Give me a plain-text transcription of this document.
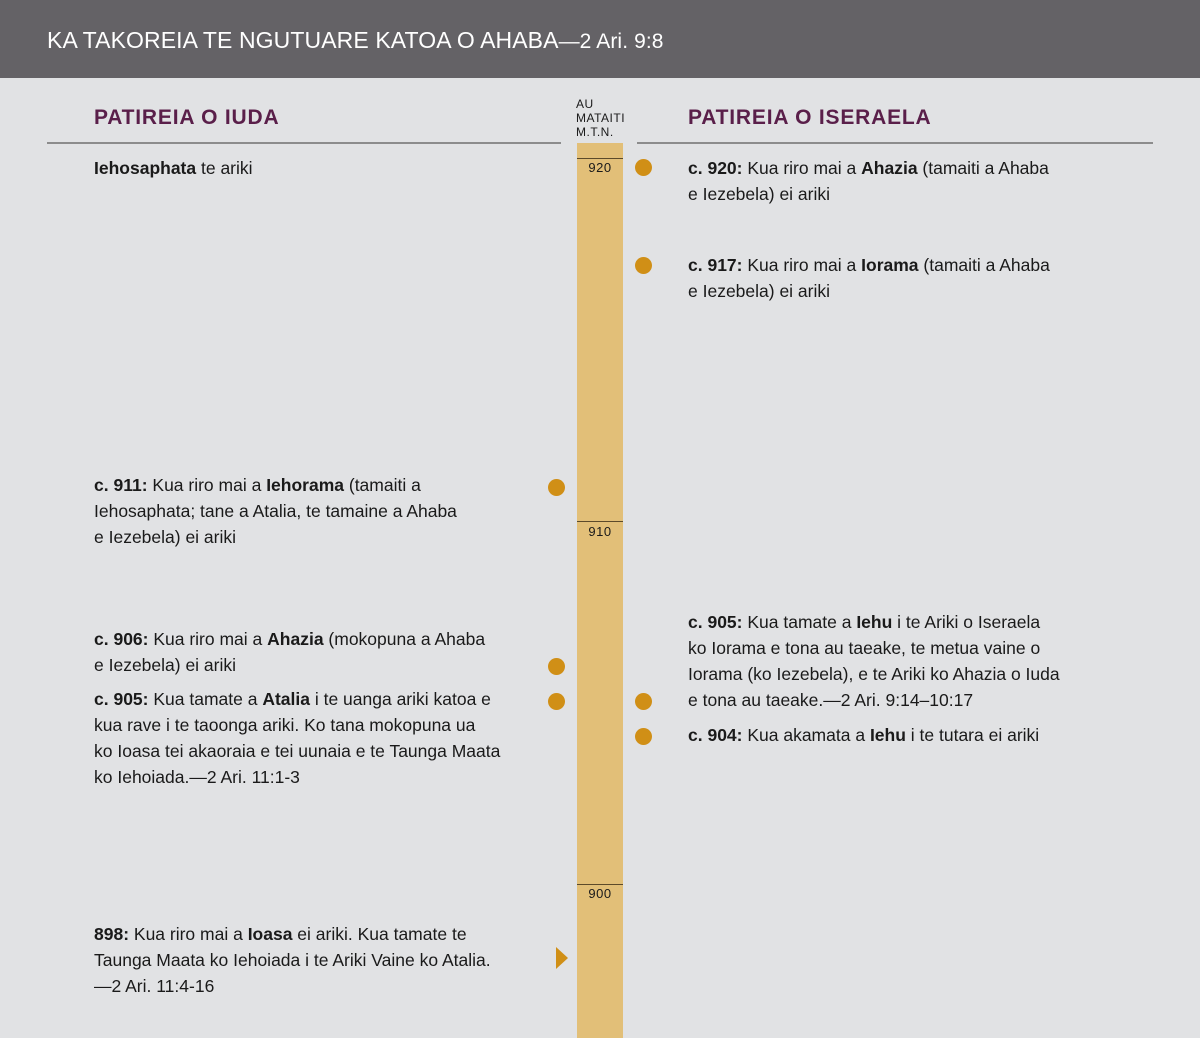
KA TAKOREIA TE NGUTUARE KATOA O AHABA—2 Ari. 9:8
PATIREIA O IUDA	PATIREIA O ISERAELA
AU
MATAITI
M.T.N.
920
910
900
Iehosaphata te ariki
c. 911: Kua riro mai a Iehorama (tamaiti a
Iehosaphata; tane a Atalia, te tamaine a Ahaba
e Iezebela) ei ariki
c. 906: Kua riro mai a Ahazia (mokopuna a Ahaba
e Iezebela) ei ariki
c. 905: Kua tamate a Atalia i te uanga ariki katoa e
kua rave i te taoonga ariki. Ko tana mokopuna ua
ko Ioasa tei akaoraia e tei uunaia e te Taunga Maata
ko Iehoiada.—2 Ari. 11:1-3
898: Kua riro mai a Ioasa ei ariki. Kua tamate te
Taunga Maata ko Iehoiada i te Ariki Vaine ko Atalia.
—2 Ari. 11:4-16
c. 920: Kua riro mai a Ahazia (tamaiti a Ahaba
e Iezebela) ei ariki
c. 917: Kua riro mai a Iorama (tamaiti a Ahaba
e Iezebela) ei ariki
c. 905: Kua tamate a Iehu i te Ariki o Iseraela
ko Iorama e tona au taeake, te metua vaine o
Iorama (ko Iezebela), e te Ariki ko Ahazia o Iuda
e tona au taeake.—2 Ari. 9:14–10:17
c. 904: Kua akamata a Iehu i te tutara ei ariki
